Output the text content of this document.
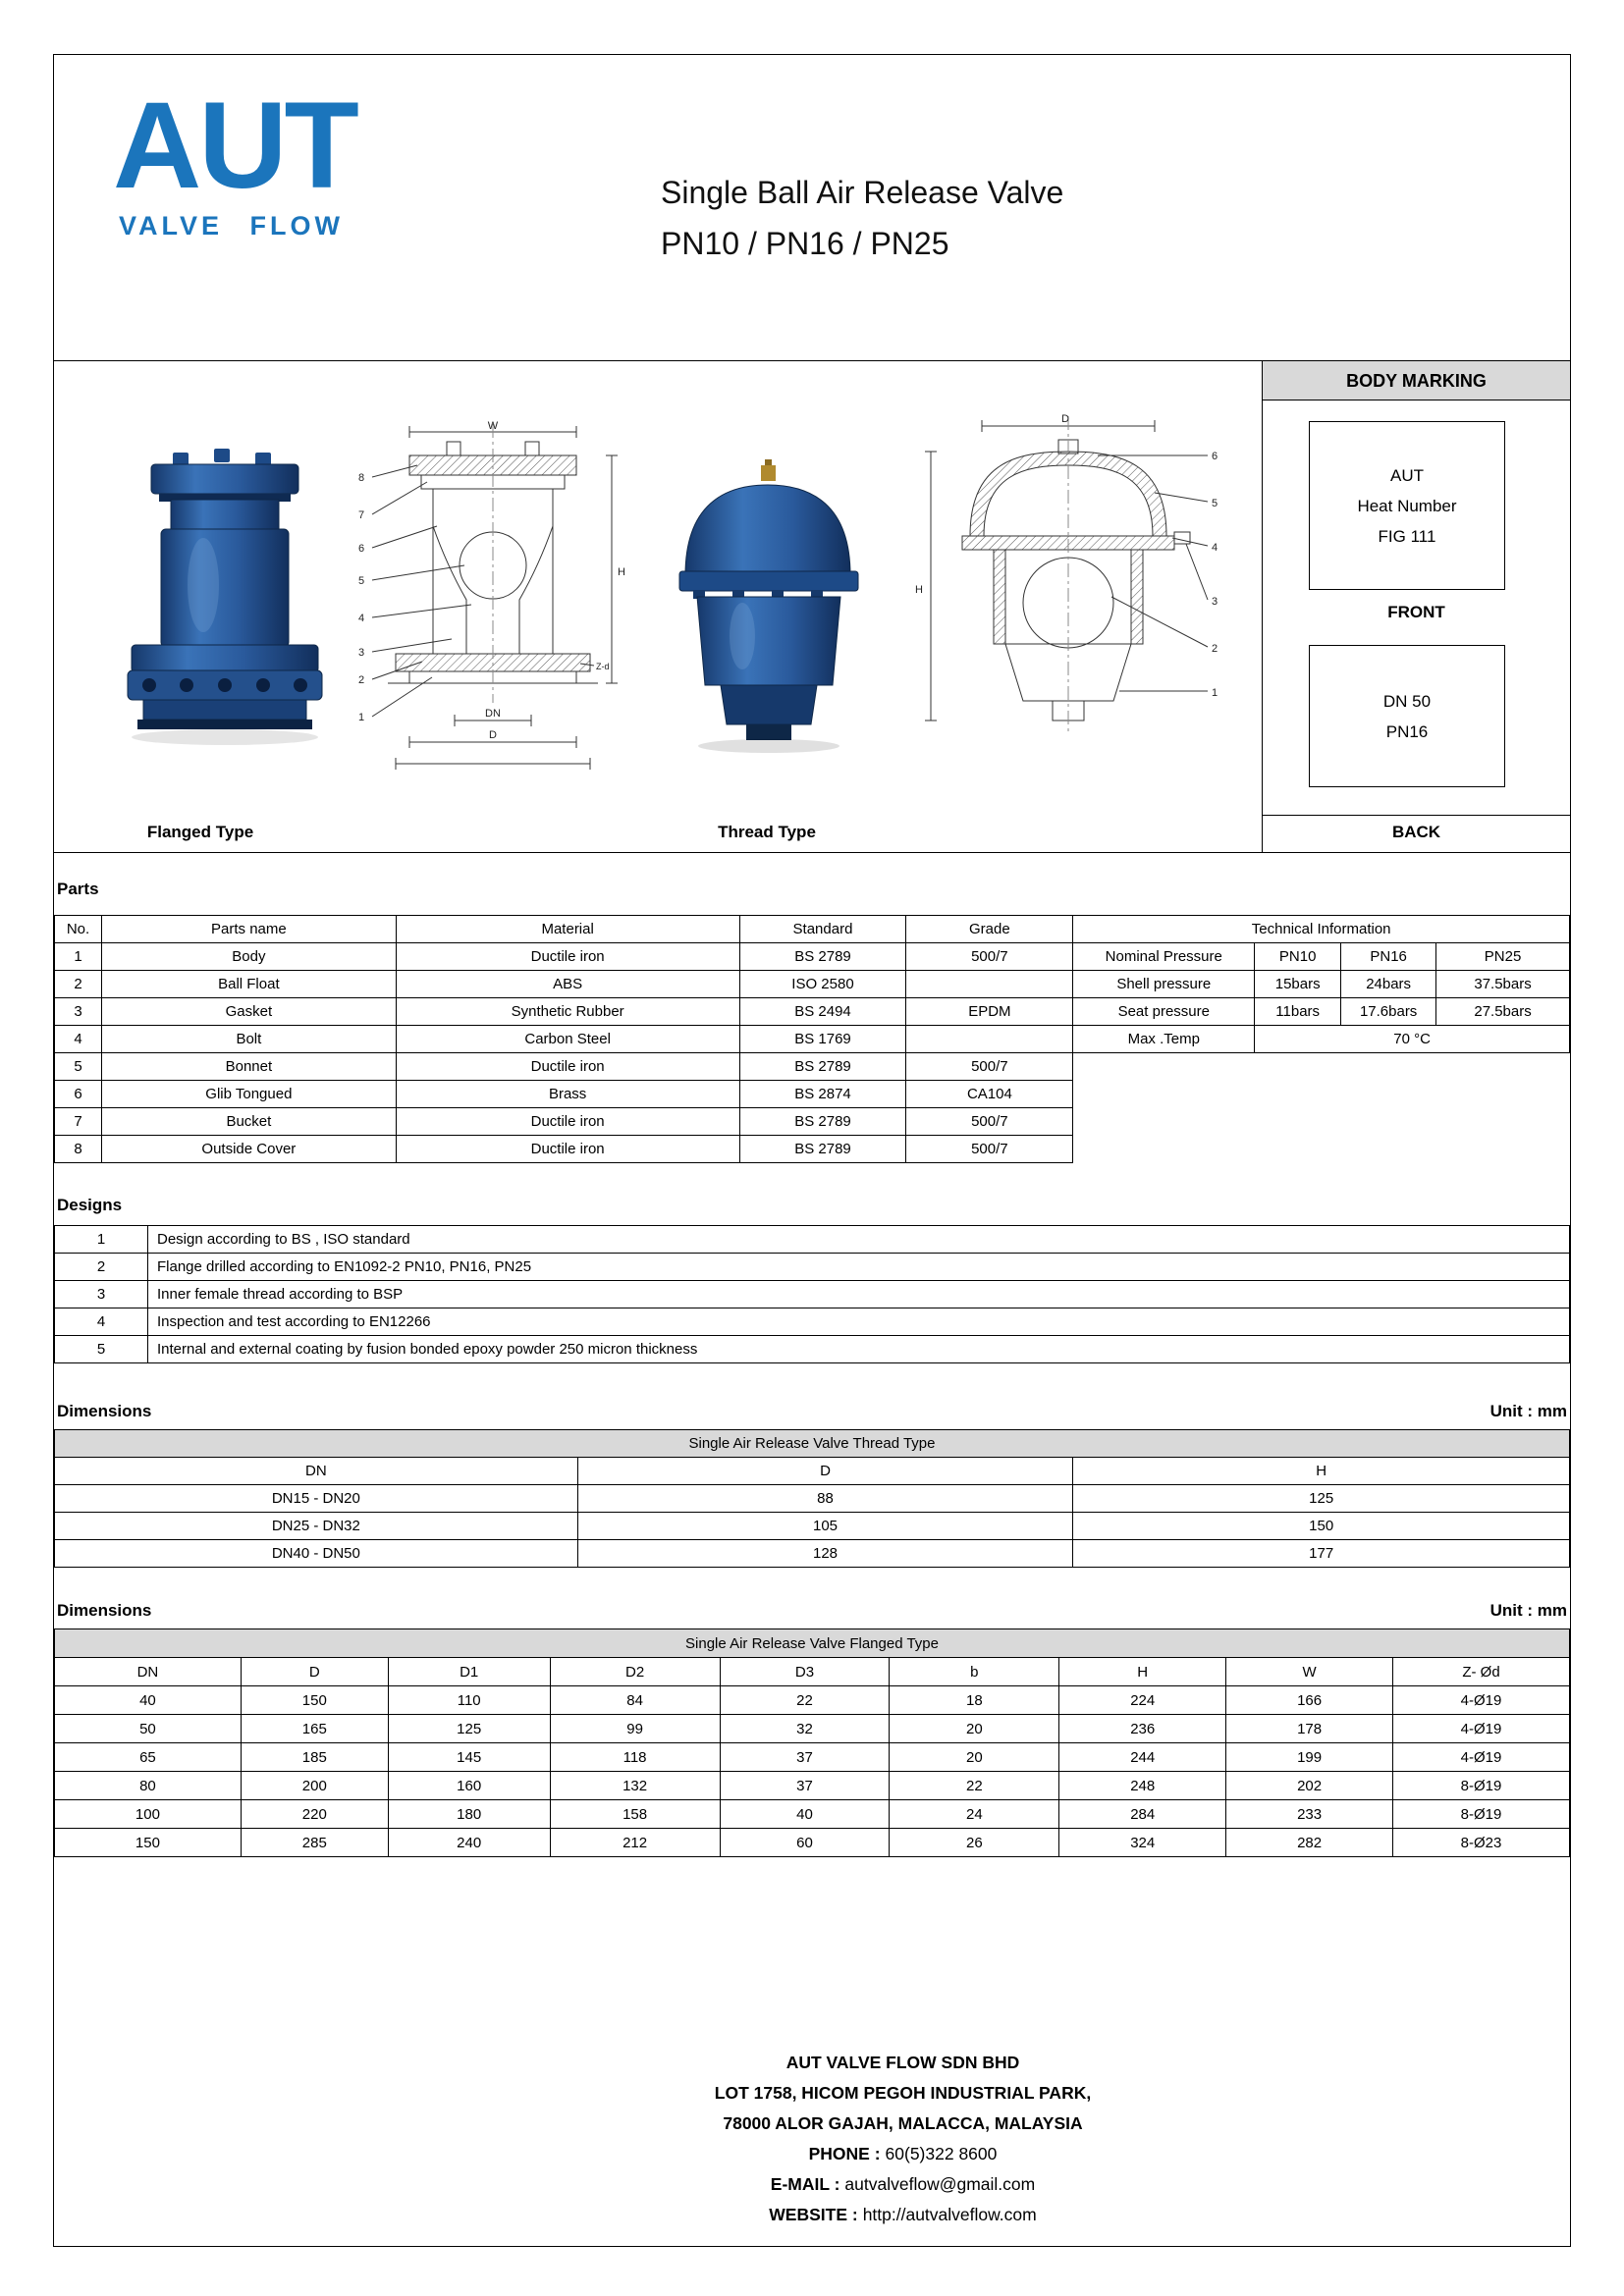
AUT
VALVE FLOW
Single Ball Air Release Valve
PN10 / PN16 / PN25
W
H
DN
D
Z-d
8
7
6
5
4
3
2
1
D
H
6
5
4
3
2
1
Flanged Type	Thread Type
BODY MARKING
AUT
Heat Number
FIG 111
FRONT
DN 50
PN16
BACK
Parts
No.	Parts name	Material	Standard	Grade
1	Body	Ductile iron	BS 2789	500/7
2	Ball Float	ABS	ISO 2580	
3	Gasket	Synthetic Rubber	BS 2494	EPDM
4	Bolt	Carbon Steel	BS 1769	
5	Bonnet	Ductile iron	BS 2789	500/7
6	Glib Tongued	Brass	BS 2874	CA104
7	Bucket	Ductile iron	BS 2789	500/7
8	Outside Cover	Ductile iron	BS 2789	500/7
Technical Information			
Nominal Pressure	PN10	PN16	PN25
Shell pressure	15bars	24bars	37.5bars
Seat pressure	11bars	17.6bars	27.5bars
Max .Temp	70 °C		
Designs
1	Design according to BS , ISO standard
2	Flange drilled according to EN1092-2 PN10, PN16, PN25
3	Inner female thread according to BSP
4	Inspection and test according to EN12266
5	Internal and external coating by fusion bonded epoxy powder 250 micron thickness
Dimensions	Unit : mm
Single Air Release Valve Thread Type		
DN	D	H
DN15 - DN20	88	125
DN25 - DN32	105	150
DN40 - DN50	128	177
Dimensions	Unit : mm
Single Air Release Valve Flanged Type								
DN	D	D1	D2	D3	b	H	W	Z- Ød
40	150	110	84	22	18	224	166	4-Ø19
50	165	125	99	32	20	236	178	4-Ø19
65	185	145	118	37	20	244	199	4-Ø19
80	200	160	132	37	22	248	202	8-Ø19
100	220	180	158	40	24	284	233	8-Ø19
150	285	240	212	60	26	324	282	8-Ø23
AUT VALVE FLOW SDN BHD
LOT 1758, HICOM PEGOH INDUSTRIAL PARK,
78000 ALOR GAJAH, MALACCA, MALAYSIA
PHONE : 60(5)322 8600
E-MAIL : autvalveflow@gmail.com
WEBSITE : http://autvalveflow.com
